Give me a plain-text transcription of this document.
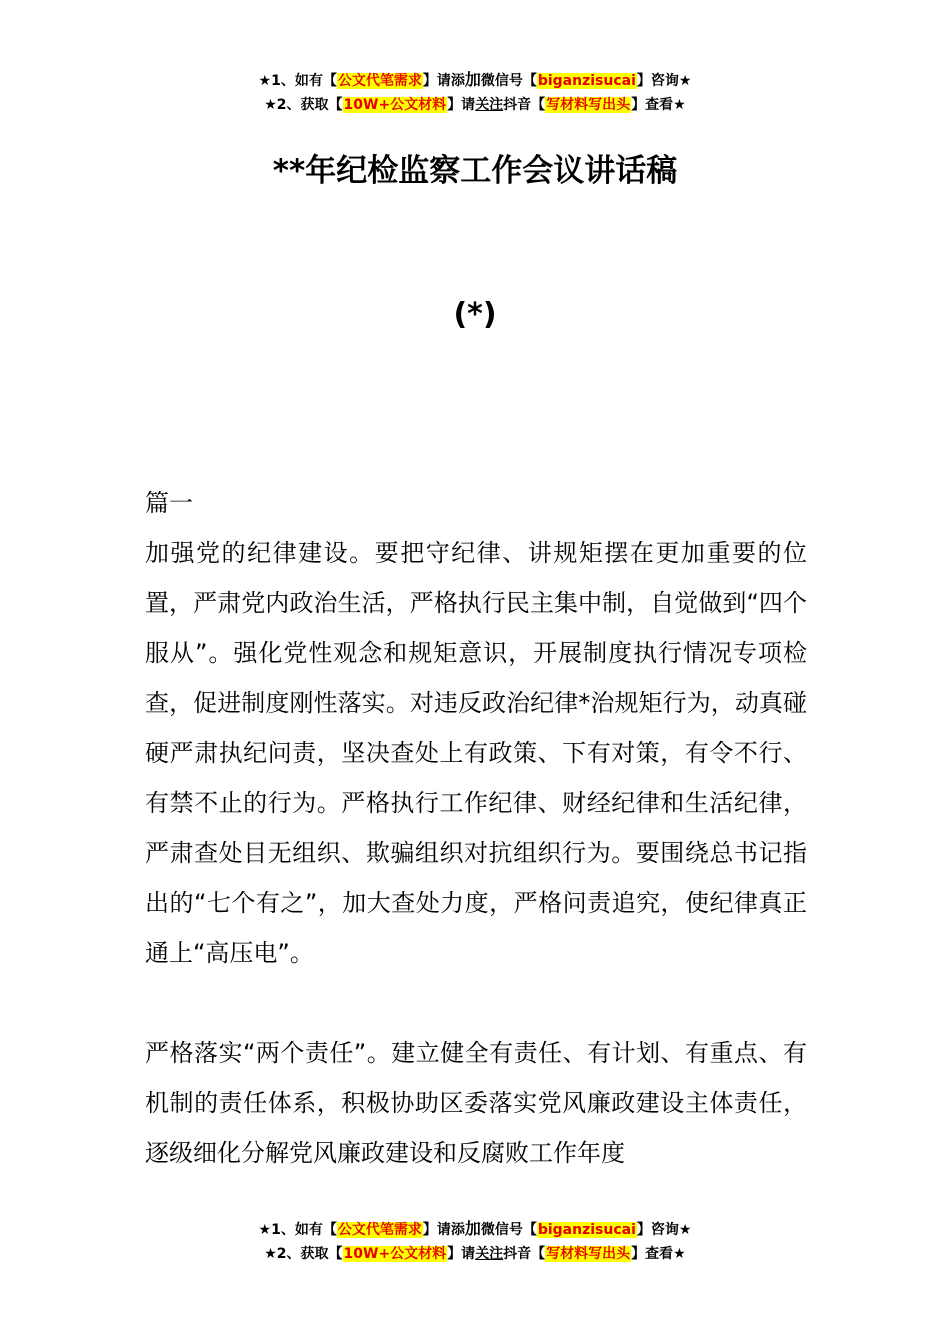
★1、如有【公文代笔需求】请添加微信号【biganzisucai】咨询★
★2、获取【10W+公文材料】请关注抖音【写材料写出头】查看★
**年纪检监察工作会议讲话稿
(*)

篇一

加强党的纪律建设。要把守纪律、讲规矩摆在更加重要的位置，严肃党内政治生活，严格执行民主集中制，自觉做到“四个服从”。强化党性观念和规矩意识，开展制度执行情况专项检查，促进制度刚性落实。对违反政治纪律*治规矩行为，动真碰硬严肃执纪问责，坚决查处上有政策、下有对策，有令不行、有禁不止的行为。严格执行工作纪律、财经纪律和生活纪律，严肃查处目无组织、欺骗组织对抗组织行为。要围绕总书记指出的“七个有之”，加大查处力度，严格问责追究，使纪律真正通上“高压电”。

严格落实“两个责任”。建立健全有责任、有计划、有重点、有机制的责任体系，积极协助区委落实党风廉政建设主体责任，逐级细化分解党风廉政建设和反腐败工作年度

★1、如有【公文代笔需求】请添加微信号【biganzisucai】咨询★
★2、获取【10W+公文材料】请关注抖音【写材料写出头】查看★
